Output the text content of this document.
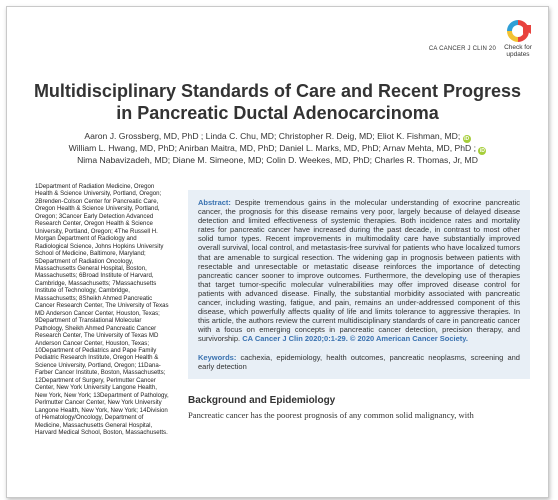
CA CANCER J CLIN 20	Check for
updates
Multidisciplinary Standards of Care and Recent Progress in Pancreatic Ductal Adenocarcinoma
Aaron J. Grossberg, MD, PhD ; Linda C. Chu, MD; Christopher R. Deig, MD; Eliot K. Fishman, MD; iD
William L. Hwang, MD, PhD; Anirban Maitra, MD, PhD; Daniel L. Marks, MD, PhD; Arnav Mehta, MD, PhD ; iD
Nima Nabavizadeh, MD; Diane M. Simeone, MD; Colin D. Weekes, MD, PhD; Charles R. Thomas, Jr, MD
1Department of Radiation Medicine, Oregon Health & Science University, Portland, Oregon; 2Brenden-Colson Center for Pancreatic Care, Oregon Health & Science University, Portland, Oregon; 3Cancer Early Detection Advanced Research Center, Oregon Health & Science University, Portland, Oregon; 4The Russell H. Morgan Department of Radiology and Radiological Science, Johns Hopkins University School of Medicine, Baltimore, Maryland; 5Department of Radiation Oncology, Massachusetts General Hospital, Boston, Massachusetts; 6Broad Institute of Harvard, Cambridge, Massachusetts; 7Massachusetts Institute of Technology, Cambridge, Massachusetts; 8Sheikh Ahmed Pancreatic Cancer Research Center, The University of Texas MD Anderson Cancer Center, Houston, Texas; 9Department of Translational Molecular Pathology, Sheikh Ahmed Pancreatic Cancer Research Center, The University of Texas MD Anderson Cancer Center, Houston, Texas; 10Department of Pediatrics and Pape Family Pediatric Research Institute, Oregon Health & Science University, Portland, Oregon; 11Dana-Farber Cancer Institute, Boston, Massachusetts; 12Department of Surgery, Perlmutter Cancer Center, New York University Langone Health, New York, New York; 13Department of Pathology, Perlmutter Cancer Center, New York University Langone Health, New York, New York; 14Division of Hematology/Oncology, Department of Medicine, Massachusetts General Hospital, Harvard Medical School, Boston, Massachusetts.
Abstract: Despite tremendous gains in the molecular understanding of exocrine pancreatic cancer, the prognosis for this disease remains very poor, largely because of delayed disease detection and limited effectiveness of systemic therapies. Both incidence rates and mortality rates for pancreatic cancer have increased during the past decade, in contrast to most other solid tumor types. Recent improvements in multimodality care have substantially improved overall survival, local control, and metastasis-free survival for patients who have localized tumors that are amenable to surgical resection. The widening gap in prognosis between patients with resectable and unresectable or metastatic disease reinforces the importance of detecting pancreatic cancer sooner to improve outcomes. Furthermore, the developing use of therapies that target tumor-specific molecular vulnerabilities may offer improved disease control for patients with advanced disease. Finally, the substantial morbidity associated with pancreatic cancer, including wasting, fatigue, and pain, remains an under-addressed component of this disease, which powerfully affects quality of life and limits tolerance to aggressive therapies. In this article, the authors review the current multidisciplinary standards of care in pancreatic cancer with a focus on emerging concepts in pancreatic cancer detection, precision therapy, and survivorship. CA Cancer J Clin 2020;0:1-29. © 2020 American Cancer Society.
Keywords: cachexia, epidemiology, health outcomes, pancreatic neoplasms, screening and early detection
Background and Epidemiology
Pancreatic cancer has the poorest prognosis of any common solid malignancy, with
